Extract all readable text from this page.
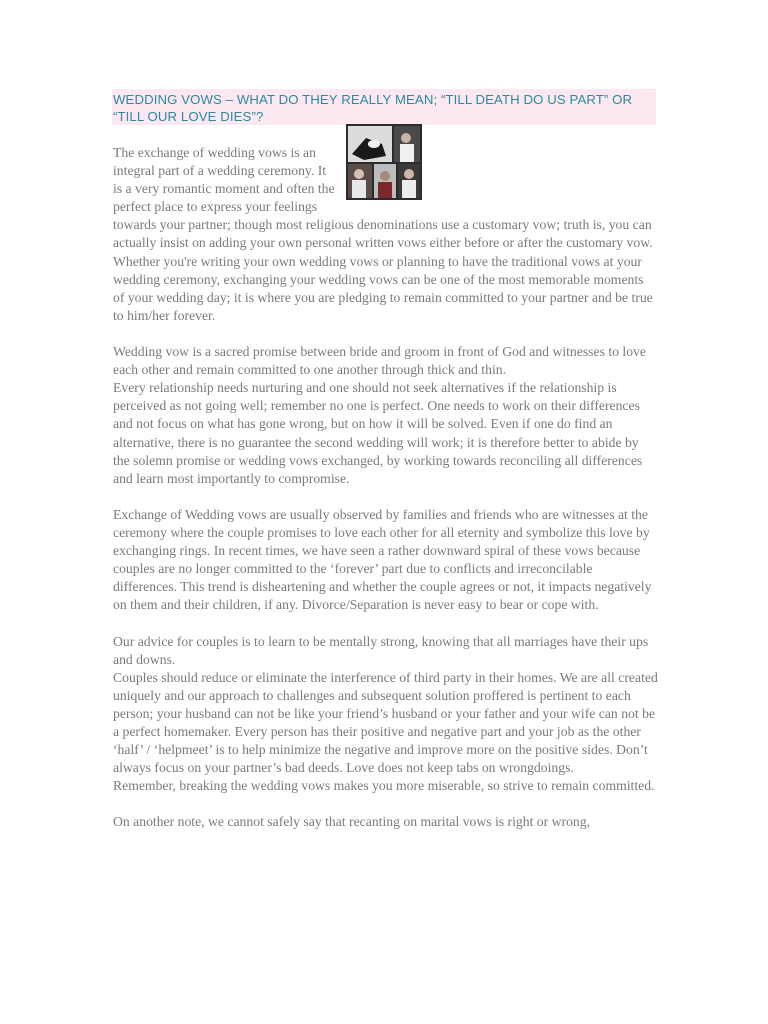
WEDDING VOWS – WHAT DO THEY REALLY MEAN; “TILL DEATH DO US PART” OR “TILL OUR LOVE DIES”?

The exchange of wedding vows is an integral part of a wedding ceremony. It is a very romantic moment and often the perfect place to express your feelings towards your partner; though most religious denominations use a customary vow; truth is, you can actually insist on adding your own personal written vows either before or after the customary vow.

Whether you're writing your own wedding vows or planning to have the traditional vows at your wedding ceremony, exchanging your wedding vows can be one of the most memorable moments of your wedding day; it is where you are pledging to remain committed to your partner and be true to him/her forever.

Wedding vow is a sacred promise between bride and groom in front of God and witnesses to love each other and remain committed to one another through thick and thin.

Every relationship needs nurturing and one should not seek alternatives if the relationship is perceived as not going well; remember no one is perfect. One needs to work on their differences and not focus on what has gone wrong, but on how it will be solved. Even if one do find an alternative, there is no guarantee the second wedding will work; it is therefore better to abide by the solemn promise or wedding vows exchanged, by working towards reconciling all differences and learn most importantly to compromise.

Exchange of Wedding vows are usually observed by families and friends who are witnesses at the ceremony where the couple promises to love each other for all eternity and symbolize this love by exchanging rings. In recent times, we have seen a rather downward spiral of these vows because couples are no longer committed to the ‘forever’ part due to conflicts and irreconcilable differences. This trend is disheartening and whether the couple agrees or not, it impacts negatively on them and their children, if any. Divorce/Separation is never easy to bear or cope with.

Our advice for couples is to learn to be mentally strong, knowing that all marriages have their ups and downs.

Couples should reduce or eliminate the interference of third party in their homes. We are all created uniquely and our approach to challenges and subsequent solution proffered is pertinent to each person; your husband can not be like your friend’s husband or your father and your wife can not be a perfect homemaker. Every person has their positive and negative part and your job as the other ‘half’ / ‘helpmeet’ is to help minimize the negative and improve more on the positive sides. Don’t always focus on your partner’s bad deeds. Love does not keep tabs on wrongdoings.

Remember, breaking the wedding vows makes you more miserable, so strive to remain committed.

On another note, we cannot safely say that recanting on marital vows is right or wrong,
